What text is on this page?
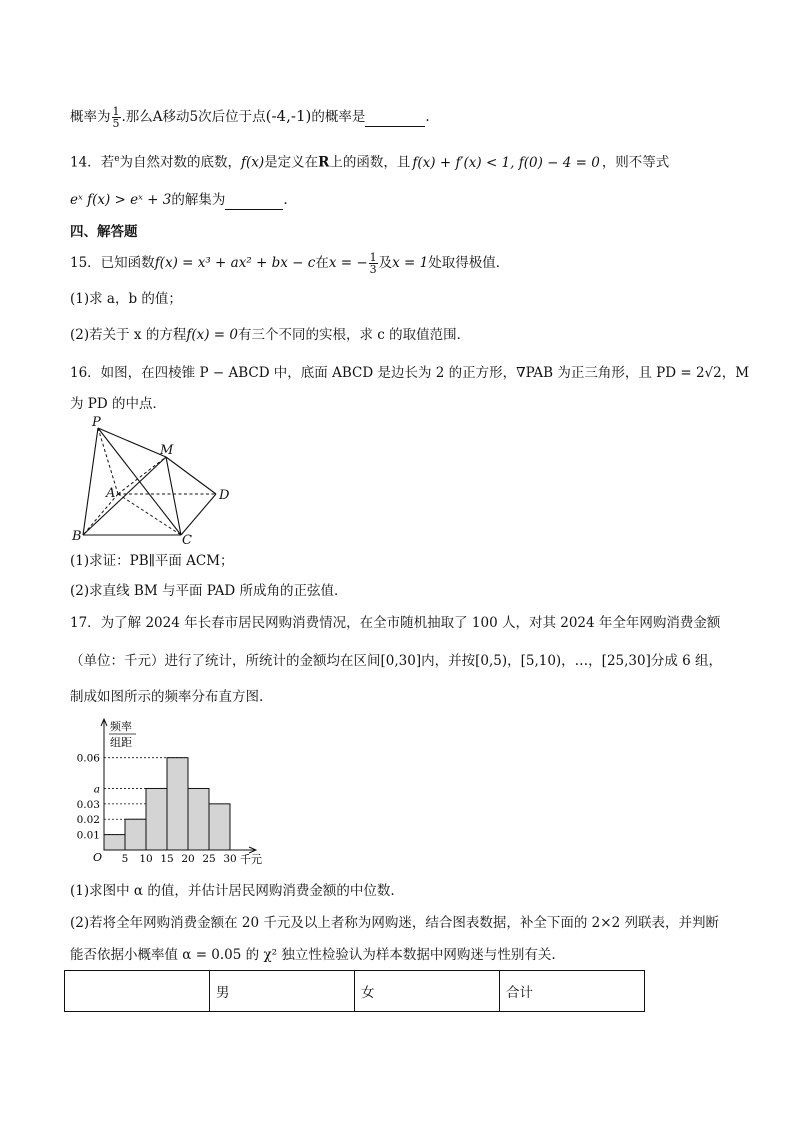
概率为 $\frac{1}{5}$ .那么A移动5次后位于点(-4,-1)的概率是	.
14．若$^e$为自然对数的底数，f(x)是定义在R上的函数，且 f(x) + f′(x) < 1, f(0) − 4 = 0 ，则不等式
eˣ f(x) > eˣ + 3的解集为	.
四、解答题
15．已知函数f(x) = x³ + ax² + bx − c在x = − $\frac{1}{3}$ 及x = 1处取得极值．
(1)求 a，b 的值；
(2)若关于 x 的方程f(x) = 0有三个不同的实根，求 c 的取值范围．
16．如图，在四棱锥 P − ABCD 中，底面 ABCD 是边长为 2 的正方形，∇PAB 为正三角形，且 PD = 2√2，M
为 PD 的中点．
P
M
A	D
B	C
(1)求证：PB∥平面 ACM；
(2)求直线 BM 与平面 PAD 所成角的正弦值．
17．为了解 2024 年长春市居民网购消费情况，在全市随机抽取了 100 人，对其 2024 年全年网购消费金额
（单位：千元）进行了统计，所统计的金额均在区间[0,30]内，并按[0,5)，[5,10)，…，[25,30]分成 6 组，
制成如图所示的频率分布直方图.
频率
组距
O	千元
0.01
0.02
0.03
a
0.06
5 10 15 20 25 30
(1)求图中 α 的值，并估计居民网购消费金额的中位数.
(2)若将全年网购消费金额在 20 千元及以上者称为网购迷，结合图表数据，补全下面的 2×2 列联表，并判断
能否依据小概率值 α = 0.05 的 χ² 独立性检验认为样本数据中网购迷与性别有关.
	男	女	合计
